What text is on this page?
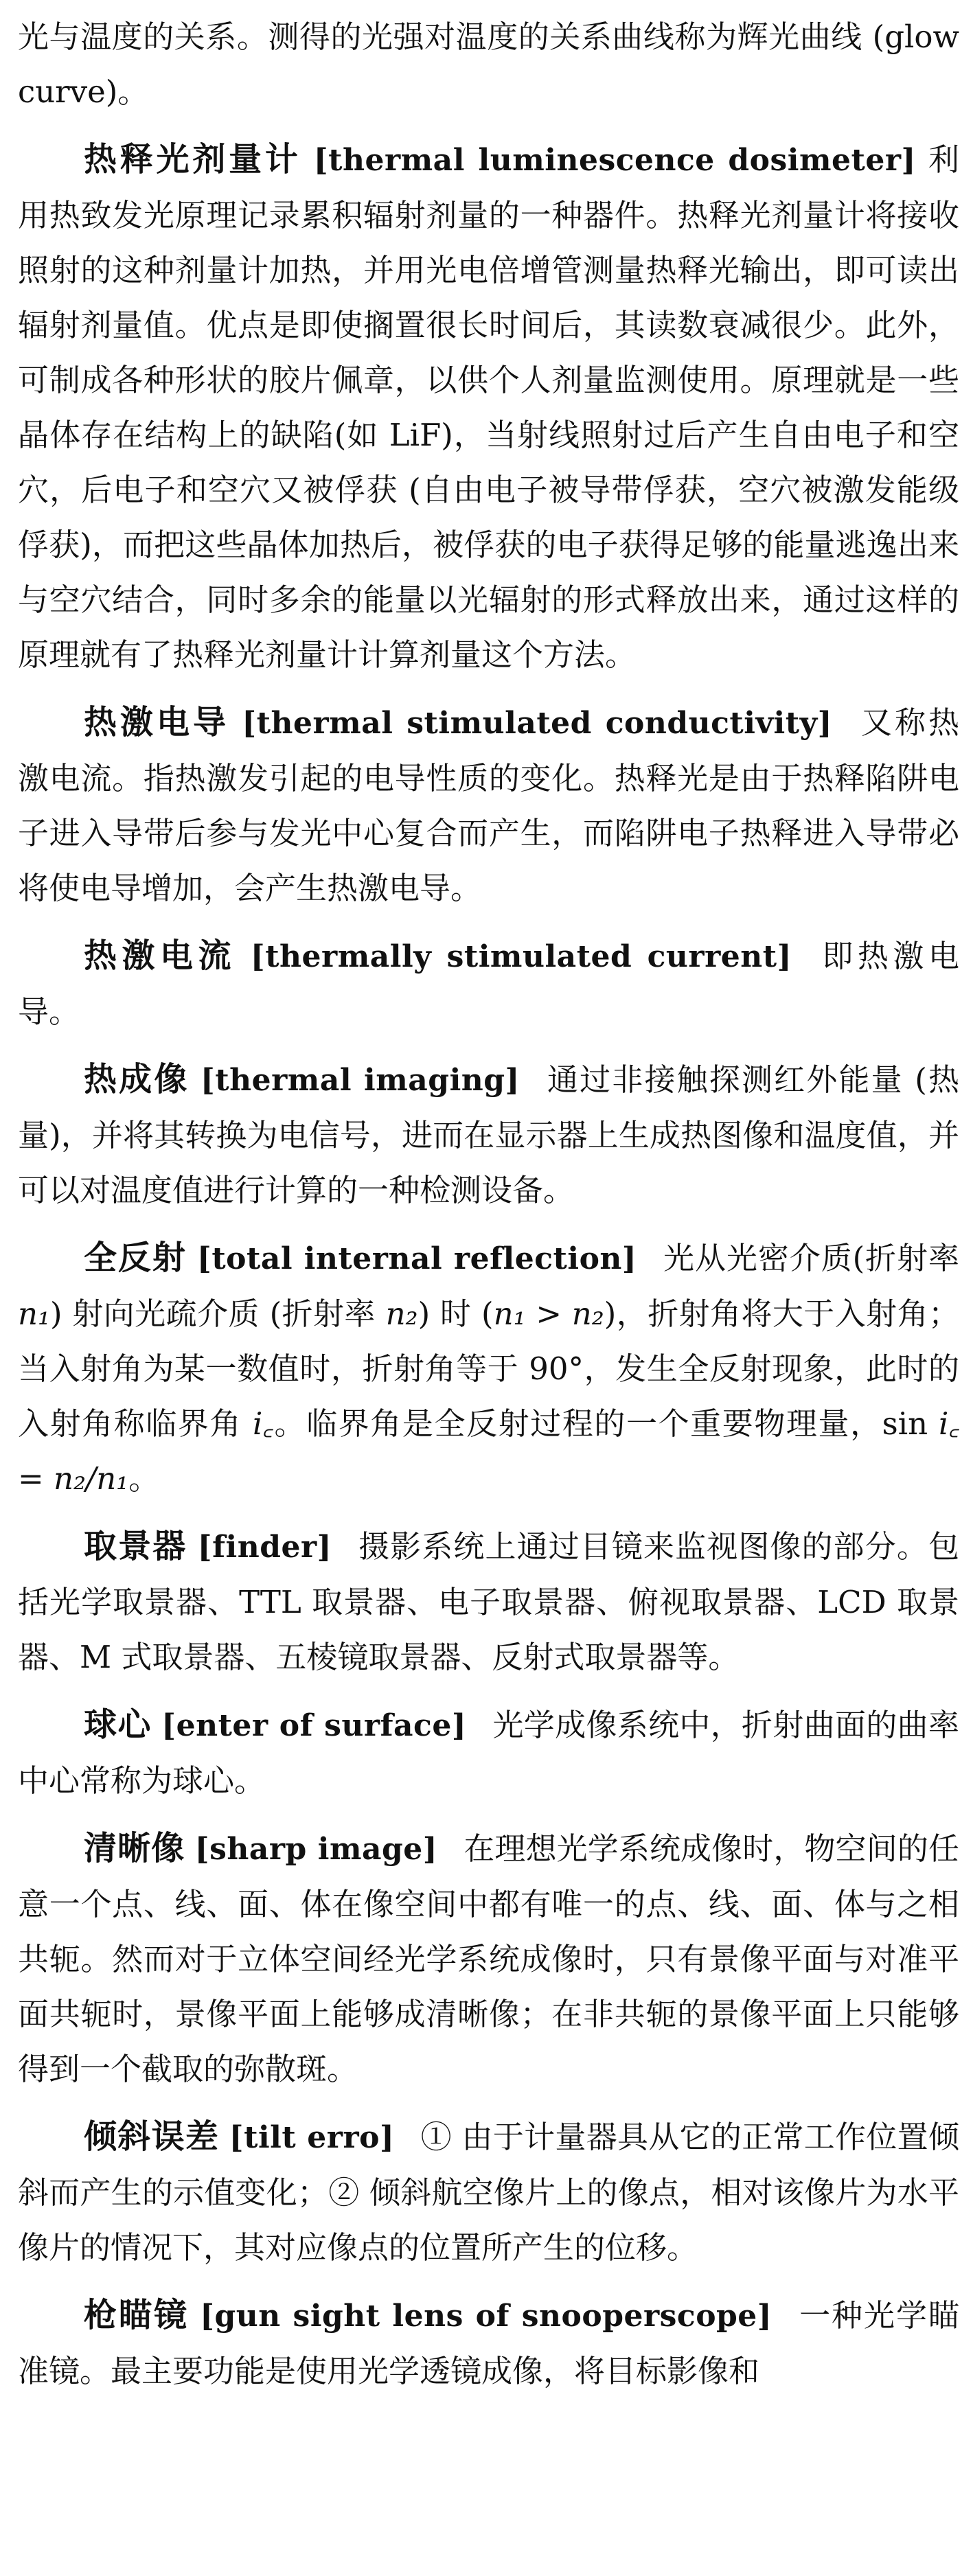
光与温度的关系。测得的光强对温度的关系曲线称为辉光曲线 (glow curve)。

热释光剂量计 [thermal luminescence dosimeter] 利用热致发光原理记录累积辐射剂量的一种器件。热释光剂量计将接收照射的这种剂量计加热，并用光电倍增管测量热释光输出，即可读出辐射剂量值。优点是即使搁置很长时间后，其读数衰减很少。此外，可制成各种形状的胶片佩章，以供个人剂量监测使用。原理就是一些晶体存在结构上的缺陷(如 LiF)，当射线照射过后产生自由电子和空穴，后电子和空穴又被俘获 (自由电子被导带俘获，空穴被激发能级俘获)，而把这些晶体加热后，被俘获的电子获得足够的能量逃逸出来与空穴结合，同时多余的能量以光辐射的形式释放出来，通过这样的原理就有了热释光剂量计计算剂量这个方法。

热激电导 [thermal stimulated conductivity] 又称热激电流。指热激发引起的电导性质的变化。热释光是由于热释陷阱电子进入导带后参与发光中心复合而产生，而陷阱电子热释进入导带必将使电导增加，会产生热激电导。

热激电流 [thermally stimulated current] 即热激电导。

热成像 [thermal imaging] 通过非接触探测红外能量 (热量)，并将其转换为电信号，进而在显示器上生成热图像和温度值，并可以对温度值进行计算的一种检测设备。

全反射 [total internal reflection] 光从光密介质(折射率 n₁) 射向光疏介质 (折射率 n₂) 时 (n₁ > n₂)，折射角将大于入射角；当入射角为某一数值时，折射角等于 90°，发生全反射现象，此时的入射角称临界角 i꜀。临界角是全反射过程的一个重要物理量，sin i꜀ = n₂/n₁。

取景器 [finder] 摄影系统上通过目镜来监视图像的部分。包括光学取景器、TTL 取景器、电子取景器、俯视取景器、LCD 取景器、M 式取景器、五棱镜取景器、反射式取景器等。

球心 [enter of surface] 光学成像系统中，折射曲面的曲率中心常称为球心。

清晰像 [sharp image] 在理想光学系统成像时，物空间的任意一个点、线、面、体在像空间中都有唯一的点、线、面、体与之相共轭。然而对于立体空间经光学系统成像时，只有景像平面与对准平面共轭时，景像平面上能够成清晰像；在非共轭的景像平面上只能够得到一个截取的弥散斑。

倾斜误差 [tilt erro] ① 由于计量器具从它的正常工作位置倾斜而产生的示值变化；② 倾斜航空像片上的像点，相对该像片为水平像片的情况下，其对应像点的位置所产生的位移。

枪瞄镜 [gun sight lens of snooperscope] 一种光学瞄准镜。最主要功能是使用光学透镜成像，将目标影像和
